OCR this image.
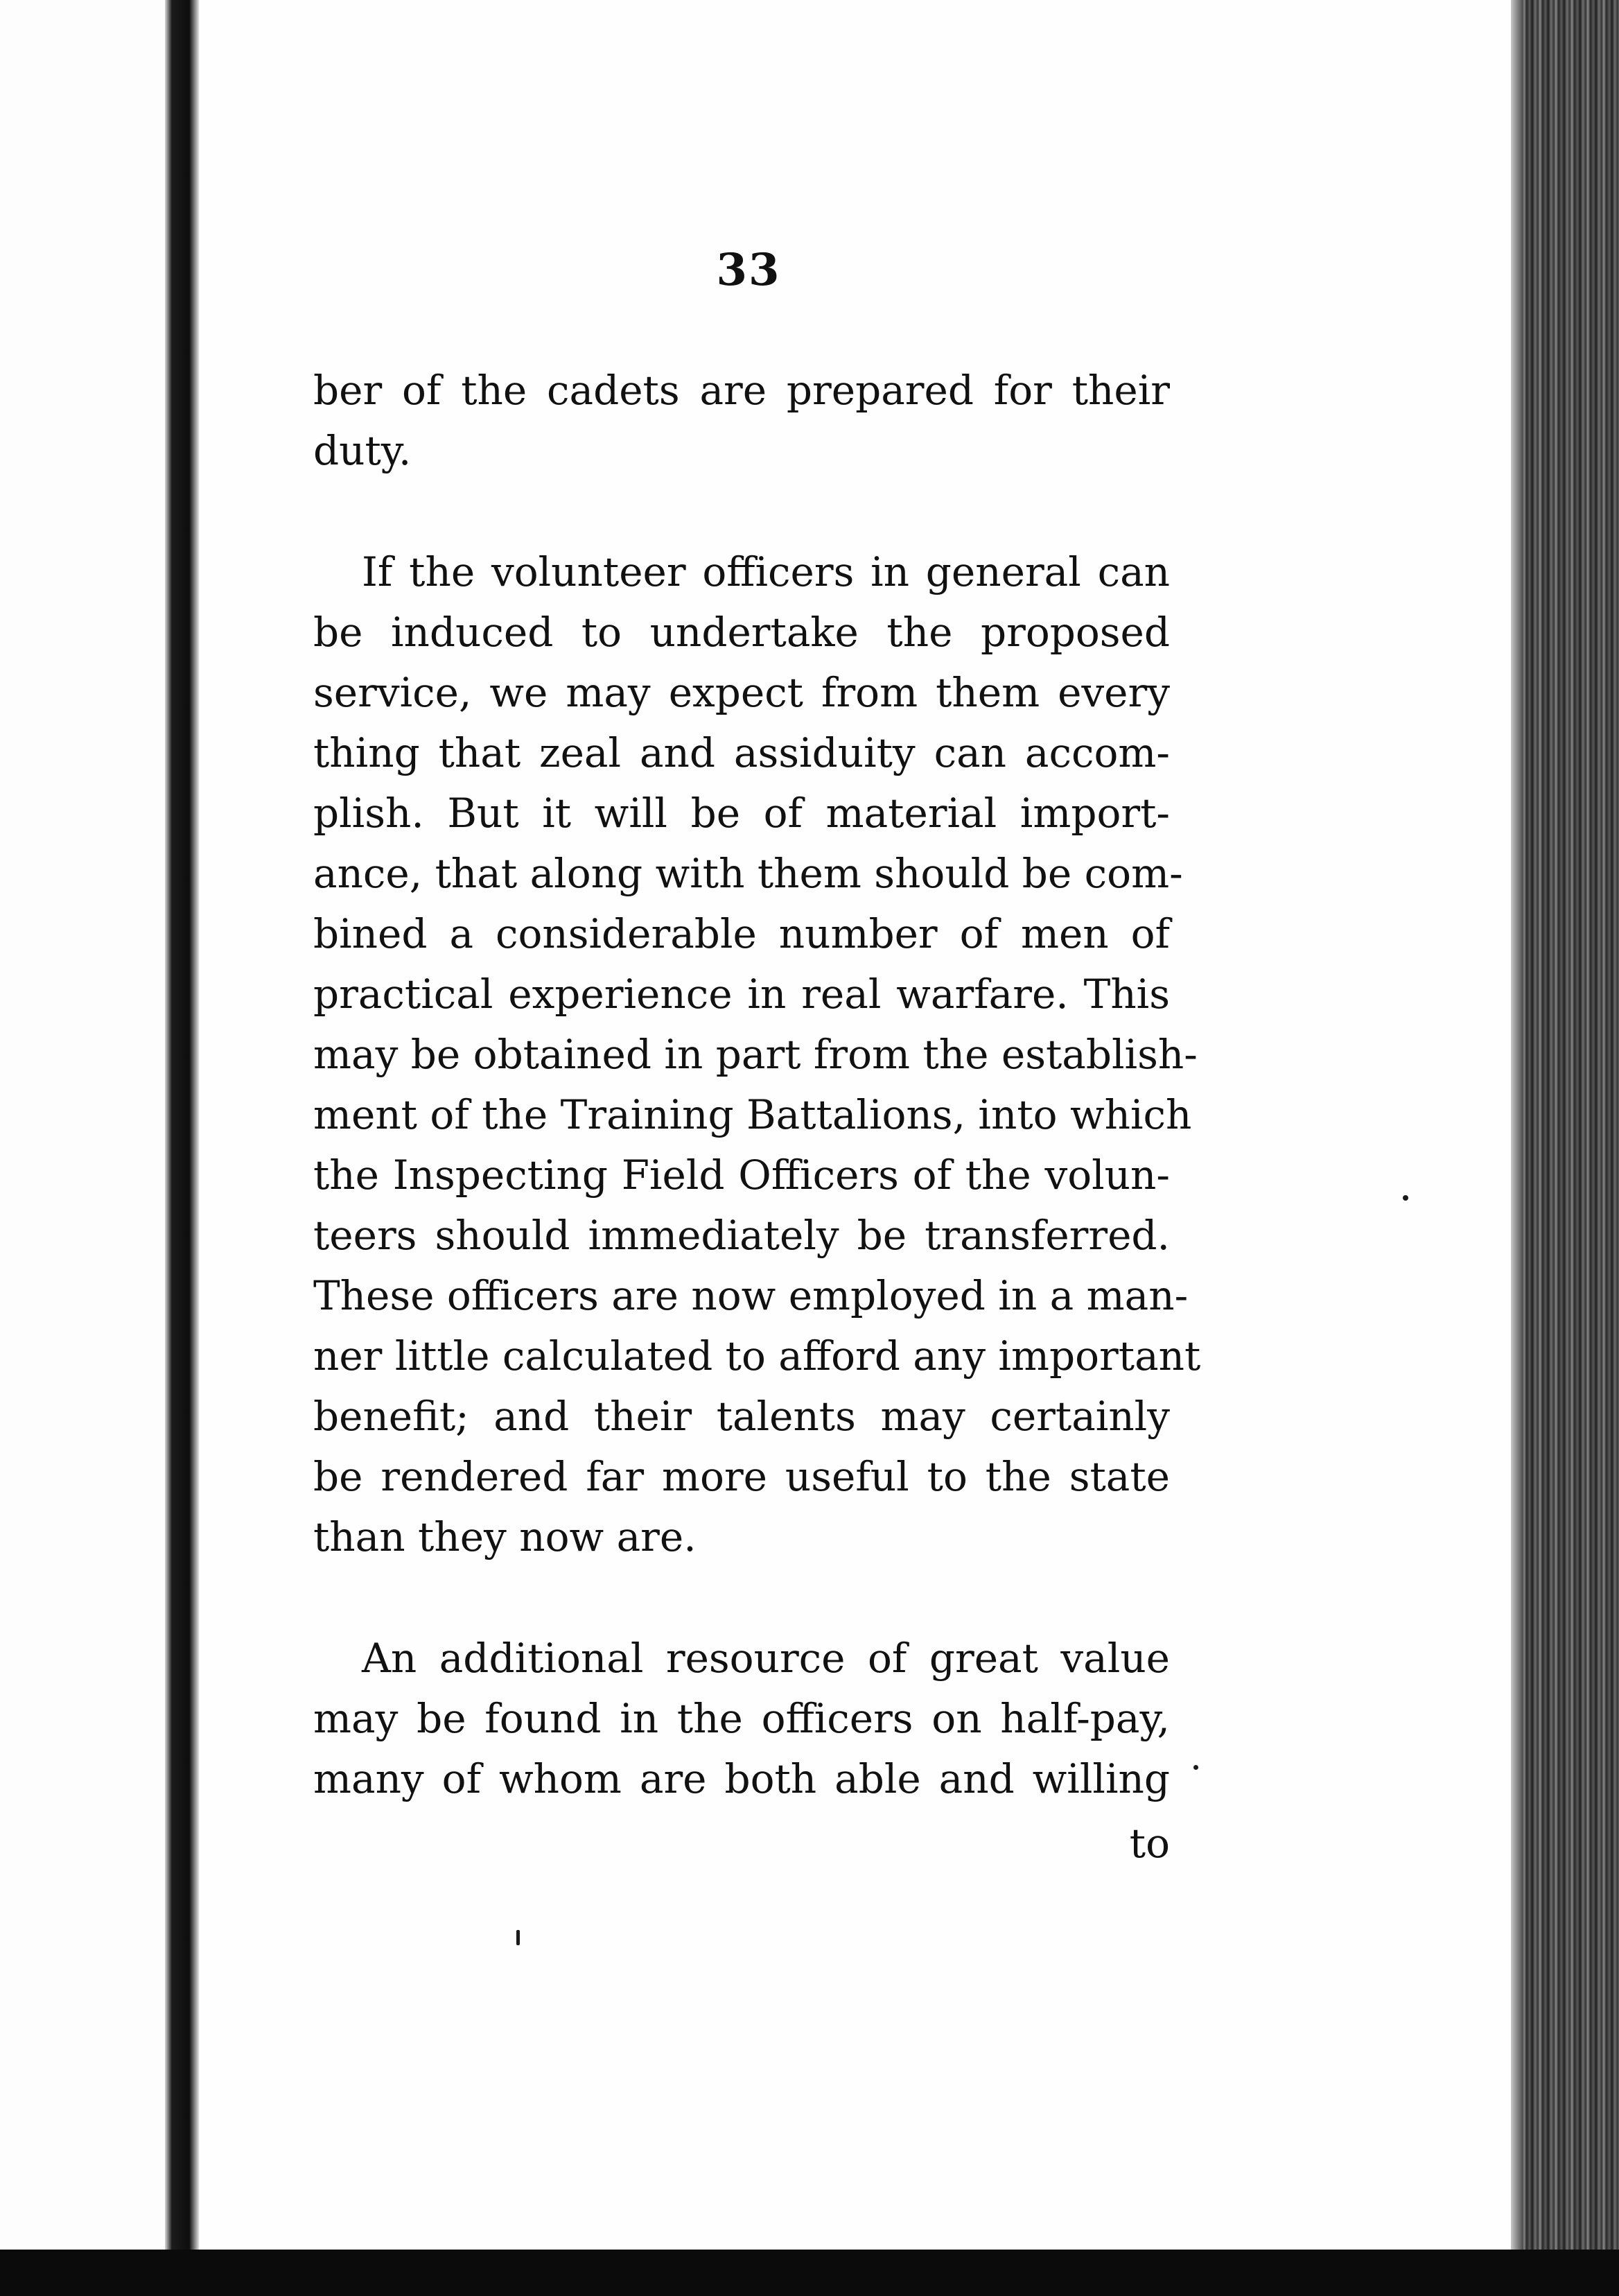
33
ber of the cadets are prepared for their
duty.
If the volunteer officers in general can
be induced to undertake the proposed
service, we may expect from them every
thing that zeal and assiduity can accom-
plish. But it will be of material import-
ance, that along with them should be com-
bined a considerable number of men of
practical experience in real warfare. This
may be obtained in part from the establish-
ment of the Training Battalions, into which
the Inspecting Field Officers of the volun-
teers should immediately be transferred.
These officers are now employed in a man-
ner little calculated to afford any important
benefit; and their talents may certainly
be rendered far more useful to the state
than they now are.
An additional resource of great value
may be found in the officers on half-pay,
many of whom are both able and willing
to
